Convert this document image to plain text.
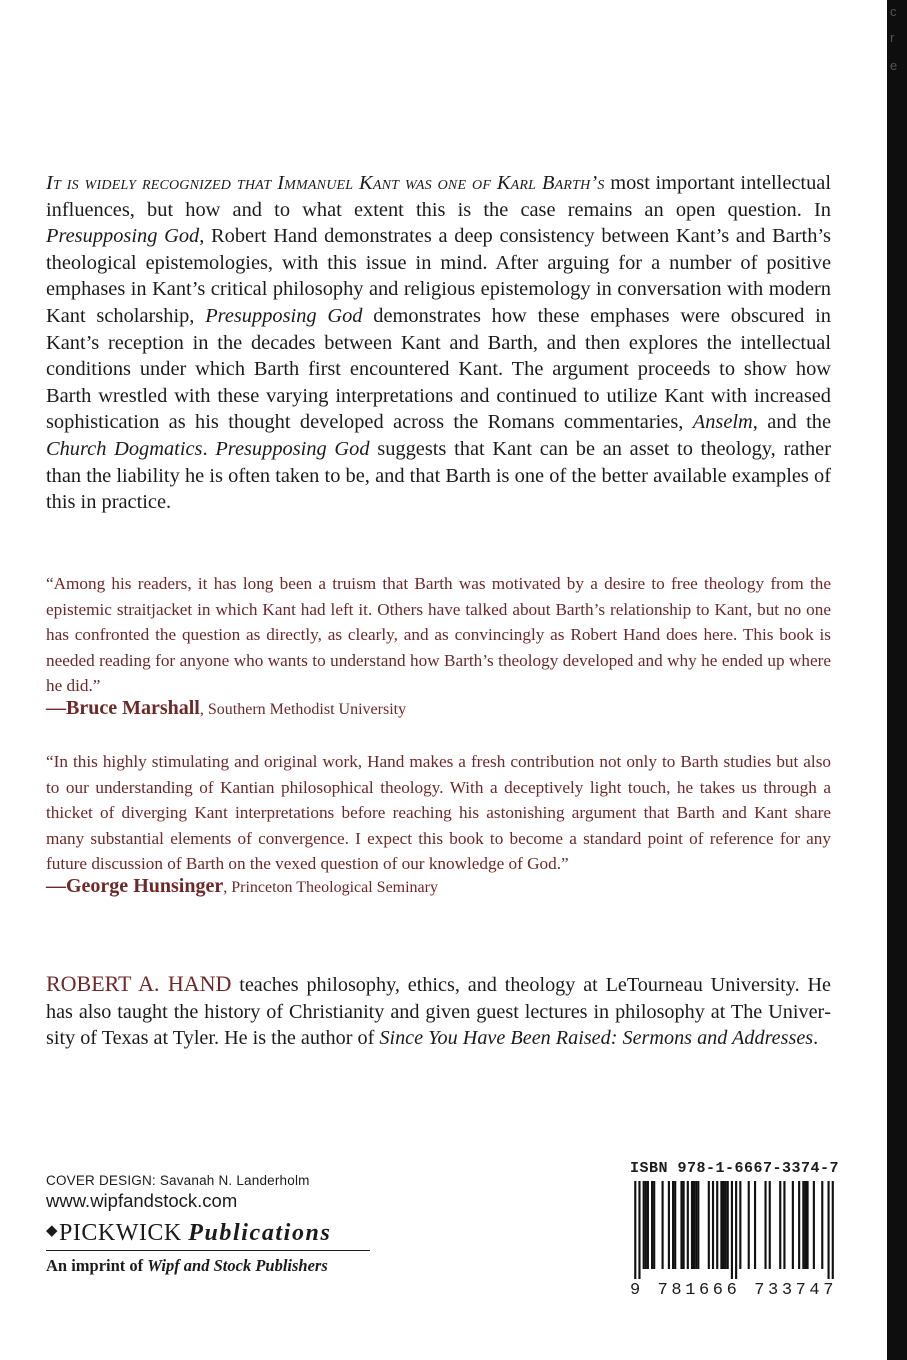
c
r
e

It is widely recognized that Immanuel Kant was one of Karl Barth’s most important intellectual influences, but how and to what extent this is the case remains an open question. In Presupposing God, Robert Hand demonstrates a deep consistency between Kant’s and Barth’s theological epistemologies, with this issue in mind. After arguing for a number of positive emphases in Kant’s critical philosophy and religious epistemology in conversation with modern Kant scholarship, Presupposing God demonstrates how these emphases were obscured in Kant’s reception in the decades between Kant and Barth, and then explores the intellectual conditions under which Barth first encountered Kant. The argument proceeds to show how Barth wrestled with these varying interpretations and continued to utilize Kant with increased sophistication as his thought developed across the Romans commentaries, Anselm, and the Church Dogmatics. Presupposing God suggests that Kant can be an asset to theology, rather than the liability he is often taken to be, and that Barth is one of the better available examples of this in practice.

“Among his readers, it has long been a truism that Barth was motivated by a desire to free theology from the epistemic straitjacket in which Kant had left it. Others have talked about Barth’s relationship to Kant, but no one has confronted the question as directly, as clearly, and as convincingly as Robert Hand does here. This book is needed reading for anyone who wants to understand how Barth’s theology developed and why he ended up where he did.”

—Bruce Marshall, Southern Methodist University

“In this highly stimulating and original work, Hand makes a fresh contribution not only to Barth studies but also to our understanding of Kantian philosophical theology. With a deceptively light touch, he takes us through a thicket of diverging Kant interpretations before reaching his astonishing argument that Barth and Kant share many substantial elements of convergence. I expect this book to become a standard point of reference for any future discussion of Barth on the vexed question of our knowledge of God.”

—George Hunsinger, Princeton Theological Seminary

ROBERT A. HAND teaches philosophy, ethics, and theology at LeTourneau University. He has also taught the history of Christianity and given guest lectures in philosophy at The University of Texas at Tyler. He is the author of Since You Have Been Raised: Sermons and Addresses.

COVER DESIGN: Savanah N. Landerholm
www.wipfandstock.com
◆PICKWICK Publications
An imprint of Wipf and Stock Publishers
ISBN 978-1-6667-3374-7
9 781666 733747
